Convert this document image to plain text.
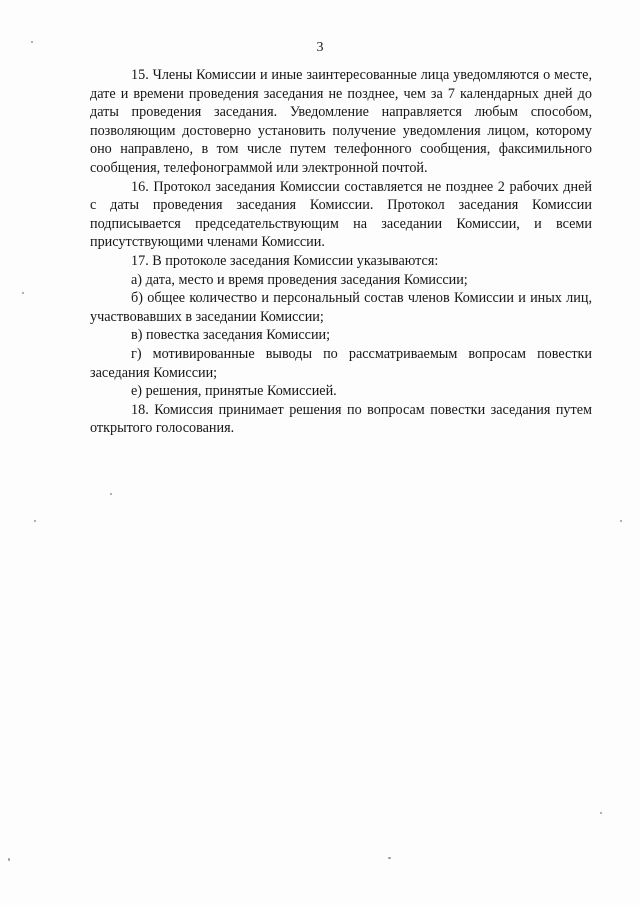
3

15. Члены Комиссии и иные заинтересованные лица уведомляются о месте, дате и времени проведения заседания не позднее, чем за 7 календарных дней до даты проведения заседания. Уведомление направляется любым способом, позволяющим достоверно установить получение уведомления лицом, которому оно направлено, в том числе путем телефонного сообщения, факсимильного сообщения, телефонограммой или электронной почтой.

16. Протокол заседания Комиссии составляется не позднее 2 рабочих дней с даты проведения заседания Комиссии. Протокол заседания Комиссии подписывается председательствующим на заседании Комиссии, и всеми присутствующими членами Комиссии.

17. В протоколе заседания Комиссии указываются:

а) дата, место и время проведения заседания Комиссии;

б) общее количество и персональный состав членов Комиссии и иных лиц, участвовавших в заседании Комиссии;

в) повестка заседания Комиссии;

г) мотивированные выводы по рассматриваемым вопросам повестки заседания Комиссии;

е) решения, принятые Комиссией.

18. Комиссия принимает решения по вопросам повестки заседания путем открытого голосования.
